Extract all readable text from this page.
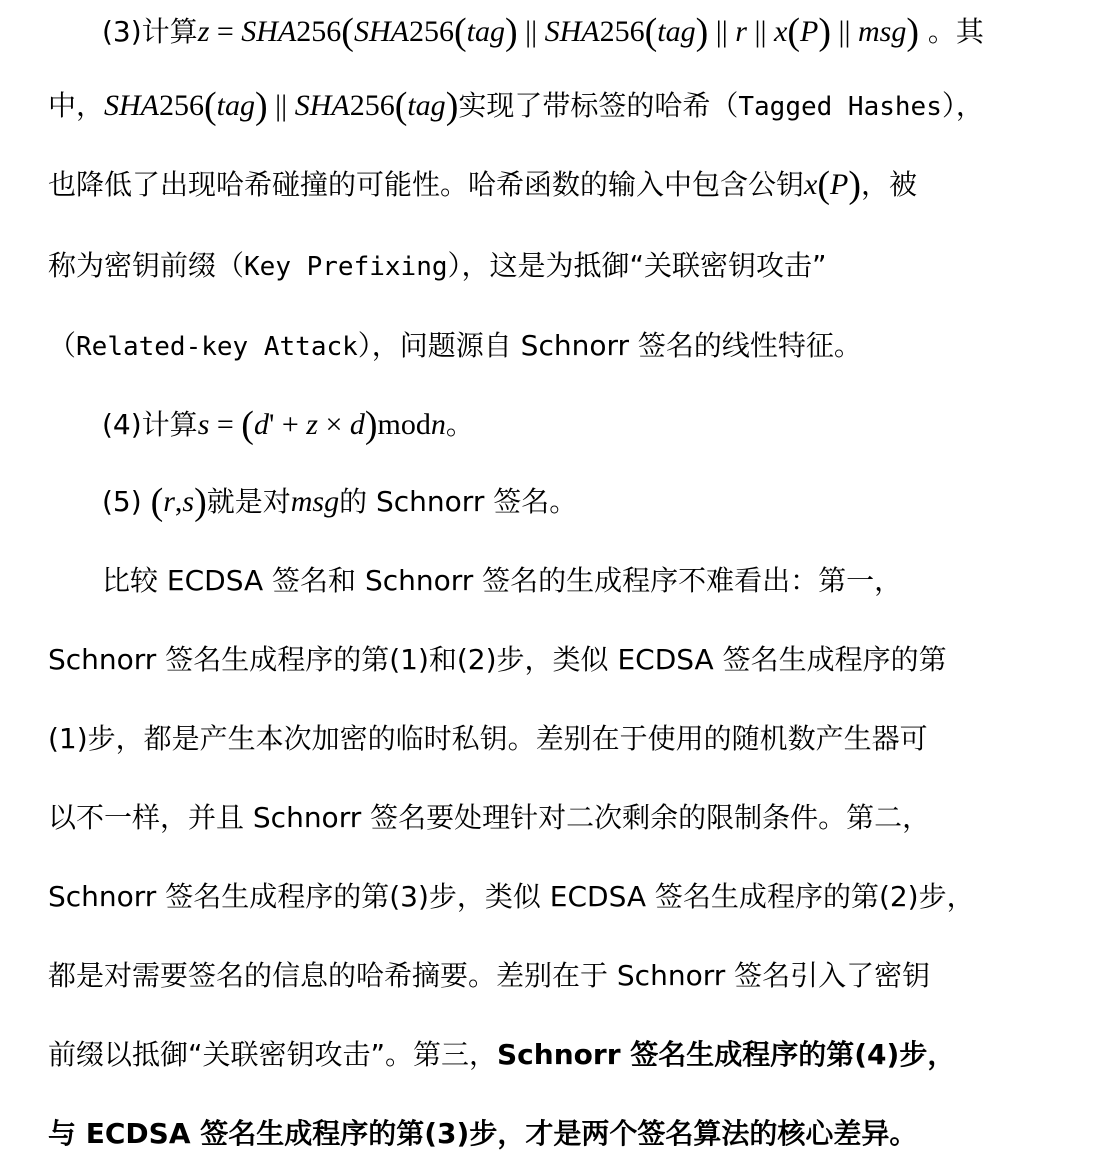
(3)计算z = SHA256(SHA256(tag) || SHA256(tag) || r || x(P) || msg) 。其
中，SHA256(tag) || SHA256(tag)实现了带标签的哈希（Tagged Hashes），
也降低了出现哈希碰撞的可能性。哈希函数的输入中包含公钥x(P)，被
称为密钥前缀（Key Prefixing），这是为抵御“关联密钥攻击”
（Related-key Attack），问题源自 Schnorr 签名的线性特征。
(4)计算s = (d' + z × d)modn。
(5) (r,s)就是对msg的 Schnorr 签名。
比较 ECDSA 签名和 Schnorr 签名的生成程序不难看出：第一，
Schnorr 签名生成程序的第(1)和(2)步，类似 ECDSA 签名生成程序的第
(1)步，都是产生本次加密的临时私钥。差别在于使用的随机数产生器可
以不一样，并且 Schnorr 签名要处理针对二次剩余的限制条件。第二，
Schnorr 签名生成程序的第(3)步，类似 ECDSA 签名生成程序的第(2)步，
都是对需要签名的信息的哈希摘要。差别在于 Schnorr 签名引入了密钥
前缀以抵御“关联密钥攻击”。第三，Schnorr 签名生成程序的第(4)步，
与 ECDSA 签名生成程序的第(3)步，才是两个签名算法的核心差异。
